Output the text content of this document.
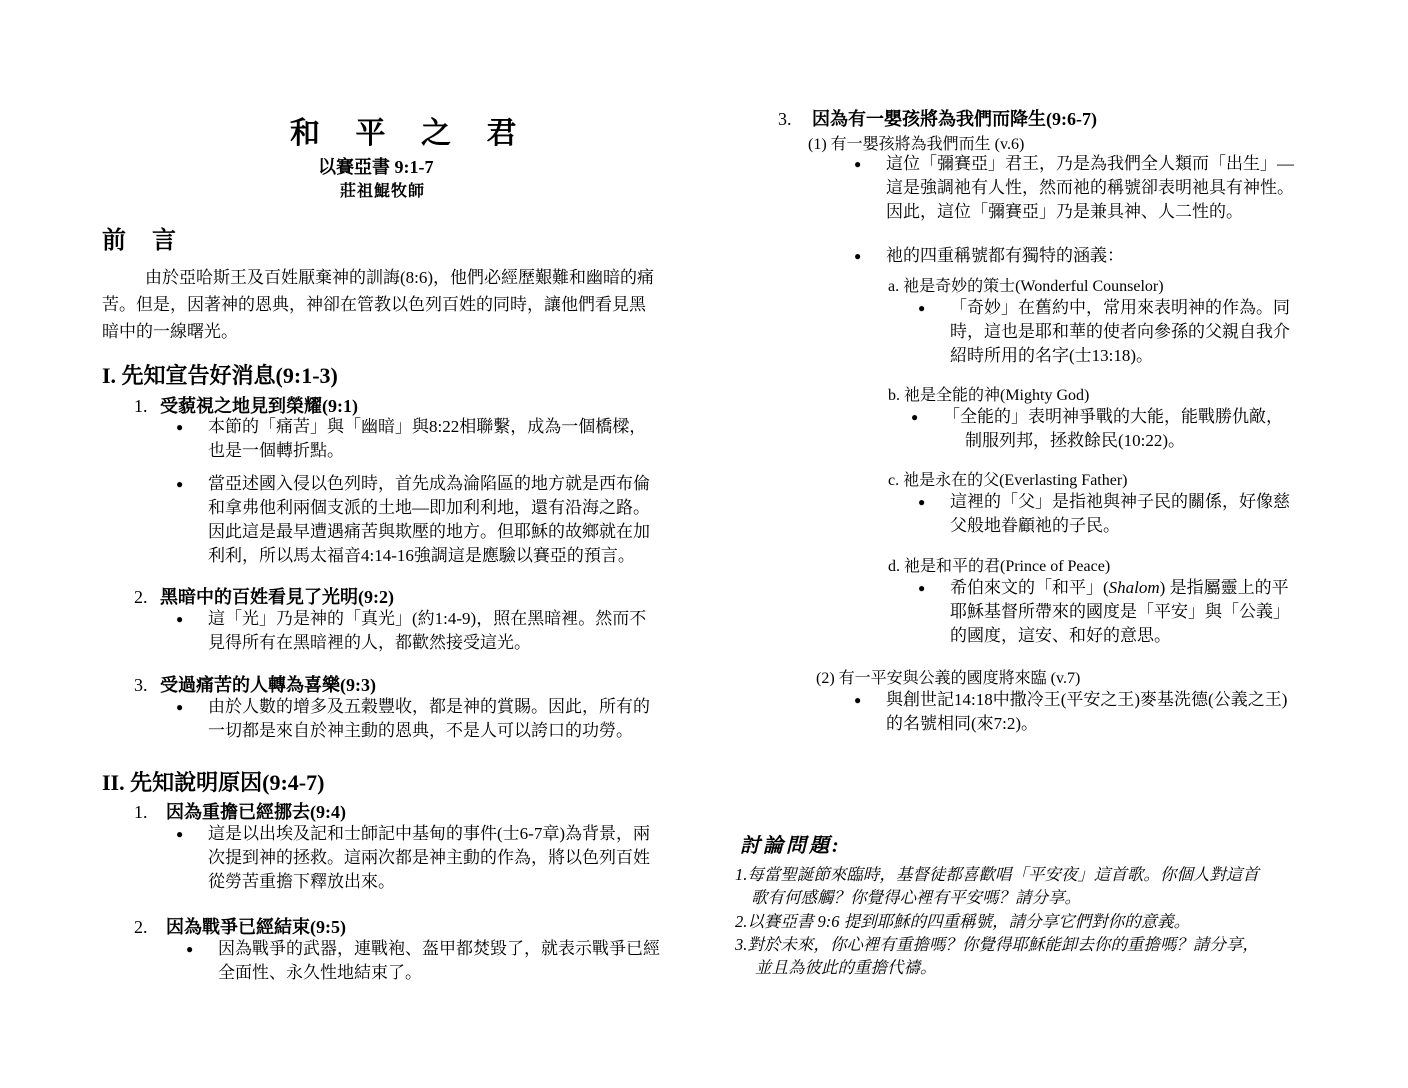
和 平 之 君
以賽亞書 9:1-7
莊祖鯤牧師
前 言
由於亞哈斯王及百姓厭棄神的訓誨(8:6)，他們必經歷艱難和幽暗的痛
苦。但是，因著神的恩典，神卻在管教以色列百姓的同時，讓他們看見黑
暗中的一線曙光。
I. 先知宣告好消息(9:1-3)
1. 受藐視之地見到榮耀(9:1)
● 本節的「痛苦」與「幽暗」與8:22相聯繫，成為一個橋樑，
也是一個轉折點。
● 當亞述國入侵以色列時，首先成為淪陷區的地方就是西布倫
和拿弗他利兩個支派的土地—即加利利地，還有沿海之路。
因此這是最早遭遇痛苦與欺壓的地方。但耶穌的故鄉就在加
利利，所以馬太福音4:14-16強調這是應驗以賽亞的預言。
2. 黑暗中的百姓看見了光明(9:2)
● 這「光」乃是神的「真光」(約1:4-9)，照在黑暗裡。然而不
見得所有在黑暗裡的人，都歡然接受這光。
3. 受過痛苦的人轉為喜樂(9:3)
● 由於人數的增多及五穀豐收，都是神的賞賜。因此，所有的
一切都是來自於神主動的恩典，不是人可以誇口的功勞。
II. 先知說明原因(9:4-7)
1. 因為重擔已經挪去(9:4)
● 這是以出埃及記和士師記中基甸的事件(士6-7章)為背景，兩
次提到神的拯救。這兩次都是神主動的作為，將以色列百姓
從勞苦重擔下釋放出來。
2. 因為戰爭已經結束(9:5)
● 因為戰爭的武器，連戰袍、盔甲都焚毀了，就表示戰爭已經
全面性、永久性地結束了。
3. 因為有一嬰孩將為我們而降生(9:6-7)
(1) 有一嬰孩將為我們而生 (v.6)
● 這位「彌賽亞」君王，乃是為我們全人類而「出生」—
這是強調祂有人性，然而祂的稱號卻表明祂具有神性。
因此，這位「彌賽亞」乃是兼具神、人二性的。
● 祂的四重稱號都有獨特的涵義：
a. 祂是奇妙的策士(Wonderful Counselor)
● 「奇妙」在舊約中，常用來表明神的作為。同
時，這也是耶和華的使者向參孫的父親自我介
紹時所用的名字(士13:18)。
b. 祂是全能的神(Mighty God)
● 「全能的」表明神爭戰的大能，能戰勝仇敵，
制服列邦，拯救餘民(10:22)。
c. 祂是永在的父(Everlasting Father)
● 這裡的「父」是指祂與神子民的關係，好像慈
父般地眷顧祂的子民。
d. 祂是和平的君(Prince of Peace)
● 希伯來文的「和平」(Shalom) 是指屬靈上的平
耶穌基督所帶來的國度是「平安」與「公義」
的國度，這安、和好的意思。
(2) 有一平安與公義的國度將來臨 (v.7)
● 與創世記14:18中撒冷王(平安之王)麥基洗德(公義之王)
的名號相同(來7:2)。
討論問題:
1.每當聖誕節來臨時，基督徒都喜歡唱「平安夜」這首歌。你個人對這首
歌有何感觸？你覺得心裡有平安嗎？請分享。
2.以賽亞書 9:6 提到耶穌的四重稱號，請分享它們對你的意義。
3.對於未來，你心裡有重擔嗎？你覺得耶穌能卸去你的重擔嗎？請分享，
並且為彼此的重擔代禱。
